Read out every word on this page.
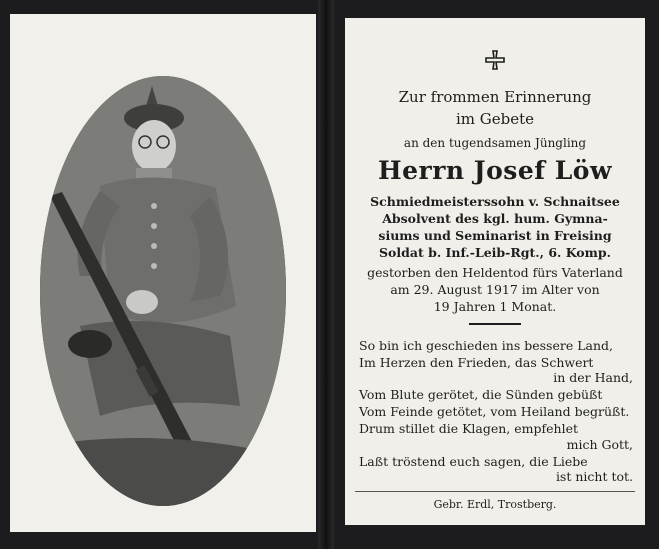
Zur frommen Erinnerung
im Gebete
an den tugendsamen Jüngling
Herrn Josef Löw
Schmiedmeisterssohn v. Schnaitsee
Absolvent des kgl. hum. Gymna-
siums und Seminarist in Freising
Soldat b. Inf.-Leib-Rgt., 6. Komp.
gestorben den Heldentod fürs Vaterland
am 29. August 1917 im Alter von
19 Jahren 1 Monat.
So bin ich geschieden ins bessere Land,
Im Herzen den Frieden, das Schwert
in der Hand,
Vom Blute gerötet, die Sünden gebüßt
Vom Feinde getötet, vom Heiland begrüßt.
Drum stillet die Klagen, empfehlet
mich Gott,
Laßt tröstend euch sagen, die Liebe
ist nicht tot.
Gebr. Erdl, Trostberg.
